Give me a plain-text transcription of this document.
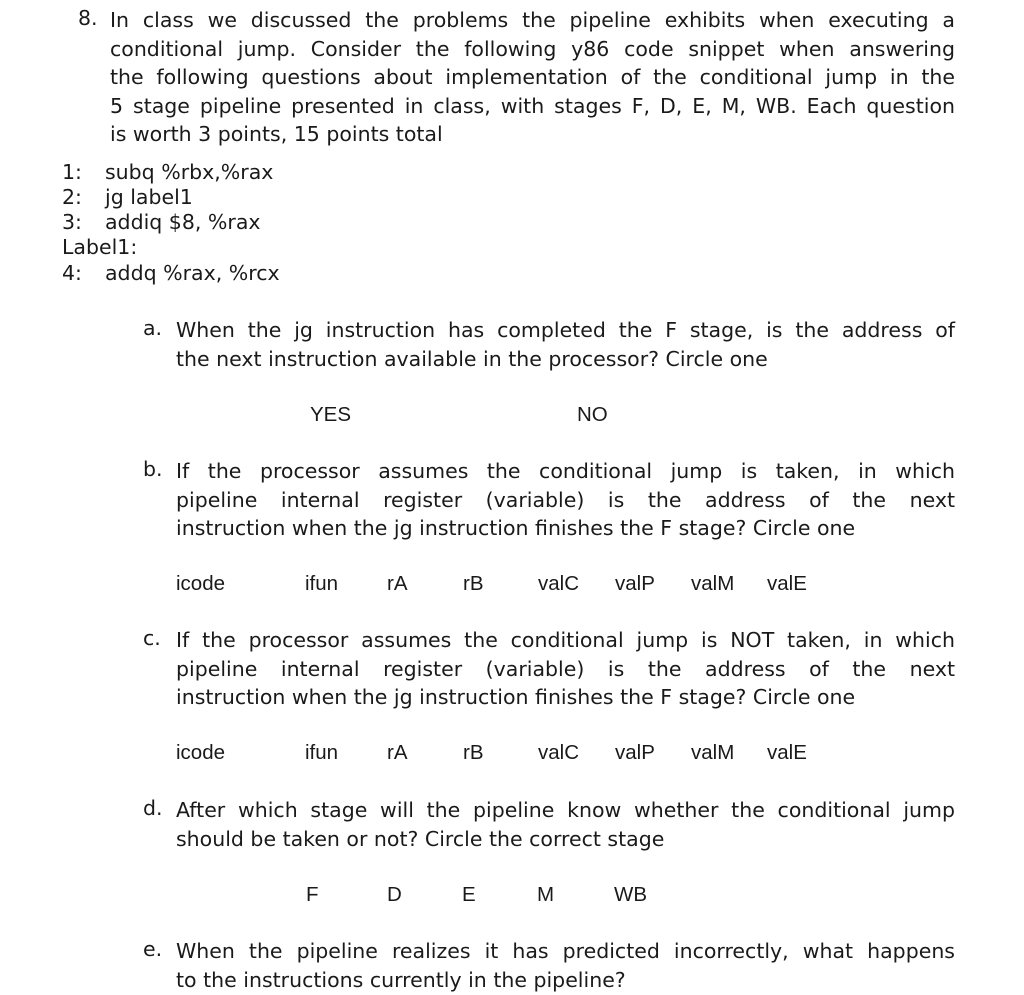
8. In class we discussed the problems the pipeline exhibits when executing a
conditional jump. Consider the following y86 code snippet when answering
the following questions about implementation of the conditional jump in the
5 stage pipeline presented in class, with stages F, D, E, M, WB. Each question
is worth 3 points, 15 points total
1: subq %rbx,%rax
2: jg label1
3: addiq $8, %rax
Label1:
4: addq %rax, %rcx
a. When the jg instruction has completed the F stage, is the address of
the next instruction available in the processor? Circle one
YES	NO
b. If the processor assumes the conditional jump is taken, in which
pipeline internal register (variable) is the address of the next
instruction when the jg instruction finishes the F stage? Circle one
icode	ifun rA	rB	valC valP valM valE
c. If the processor assumes the conditional jump is NOT taken, in which
pipeline internal register (variable) is the address of the next
instruction when the jg instruction finishes the F stage? Circle one
icode	ifun rA	rB	valC valP valM valE
d. After which stage will the pipeline know whether the conditional jump
should be taken or not? Circle the correct stage
F	D	E	M	WB
e. When the pipeline realizes it has predicted incorrectly, what happens
to the instructions currently in the pipeline?
